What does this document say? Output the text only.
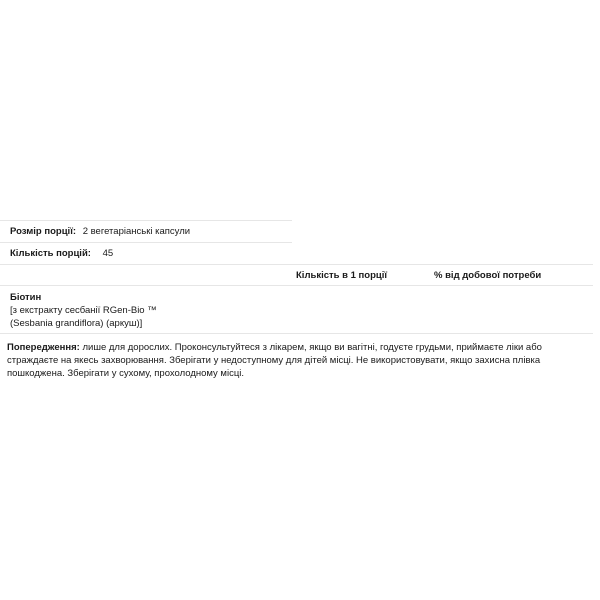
Розмір порції: 2 вегетаріанські капсули
Кількість порцій: 45
Кількість в 1 порції	% від добової потреби
Біотин
[з екстракту сесбанії RGen-Bio ™
(Sesbania grandiflora) (аркуш)]
Попередження: лише для дорослих. Проконсультуйтеся з лікарем, якщо ви вагітні, годуєте грудьми, приймаєте ліки або страждаєте на якесь захворювання. Зберігати у недоступному для дітей місці. Не використовувати, якщо захисна плівка пошкоджена. Зберігати у сухому, прохолодному місці.
